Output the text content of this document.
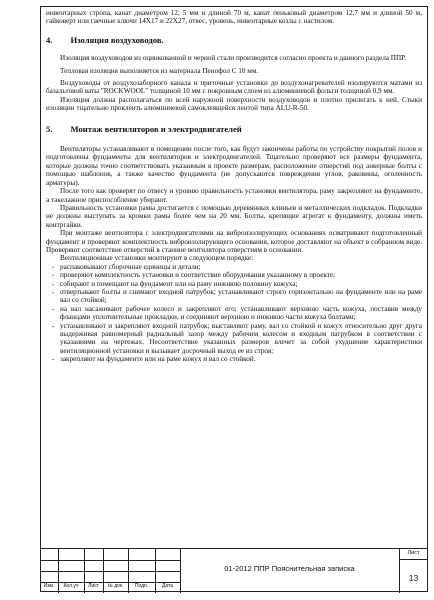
инвентарных стропа, канат диаметром 12, 5 мм и длиной 70 м, канат пеньковый диаметром 12,7 мм и длиной 50 м, гайковерт или гаечные ключи 14Х17 и 22Х27, отвес, уровень, инвентарные козлы с настилом.

4. Изоляция воздуховодов.

Изоляция воздуховодов из оцинкованной и черной стали производится согласно проекта и данного раздела ППР.

Тепловая изоляция выполняется из материала Пенофол С 10 мм.

Воздуховоды от воздухозаборного канала и приточные установки до воздухонагревателей изолируются матами из базальтовой ваты "ROCKWOOL" толщиной 10 мм с покровным слоем из алюминиевой фольги толщиной 0,9 мм.

Изоляция должна располагаться по всей наружной поверхности воздуховодов и плотно прилегать к ней. Стыки изоляции тщательно проклеить алюминиевой самоклеящейся лентой типа ALU-R-50.

5. Монтаж вентиляторов и электродвигателей

Вентиляторы устанавливают в помещении после того, как будут закончены работы по устройству покрытий полов и подготовлены фундаменты для вентиляторов и электродвигателей. Тщательно проверяют все размеры фундамента, которые должны точно соответствовать указанным в проекте размерам, расположение отверстий под анкерные болты с помощью шаблонов, а также качество фундамента (не допускаются повреждения углов, раковины, оголенность арматуры).

После того как проверят по отвесу и уровню правильность установки вентилятора, раму закрепляют на фундаменте, а такелажное приспособление убирают.

Правильность установки рамы достигается с помощью деревянных клиньев и металлических подкладок. Подкладки не должны выступать за кромки рамы более чем на 20 мм. Болты, крепящие агрегат к фундаменту, должны иметь контргайки.

При монтаже вентилятора с электродвигателями на виброизолирующих основаниях осматривают подготовленный фундамент и проверяют комплектность виброизолирующего основания, которое доставляют на объект в собранном виде. Проверяют соответствие отверстий в станине вентилятора отверстиям в основании.

Вентиляционные установки монтируют в следующем порядке:

- распаковывают сборочные единицы и детали;

- проверяют комплектность установки и соответствие оборудования указанному в проекте;

- собирают и помещают на фундамент или на раму нижнюю половину кожуха;

- отвертывают болты и снимают входной патрубок; устанавливают строго горизонтально на фундаменте или на раме вал со стойкой;

- на вал насаживают рабочее колесо и закрепляют его; устанавливают верхнюю часть кожуха, поставив между фланцами уплотнительные прокладки, и соединяют верхнюю и нижнюю части кожуха болтами;

- устанавливают и закрепляют входной патрубок; выставляют раму, вал со стойкой и кожух относительно друг друга выдерживая равномерный радиальный зазор между рабочим колесом и входным патрубком в соответствии с указаниями на чертежах. Несоответствие указанных размеров влечет за собой ухудшение характеристики вентиляционной установки и вызывает досрочный выход ее из строя;

- закрепляют на фундаменте или на раме кожух и вал со стойкой.

Изм.	Кол.уч	Лист	№ док.	Подп.	Дата
01-2012 ППР Пояснительная записка
Лист
13
